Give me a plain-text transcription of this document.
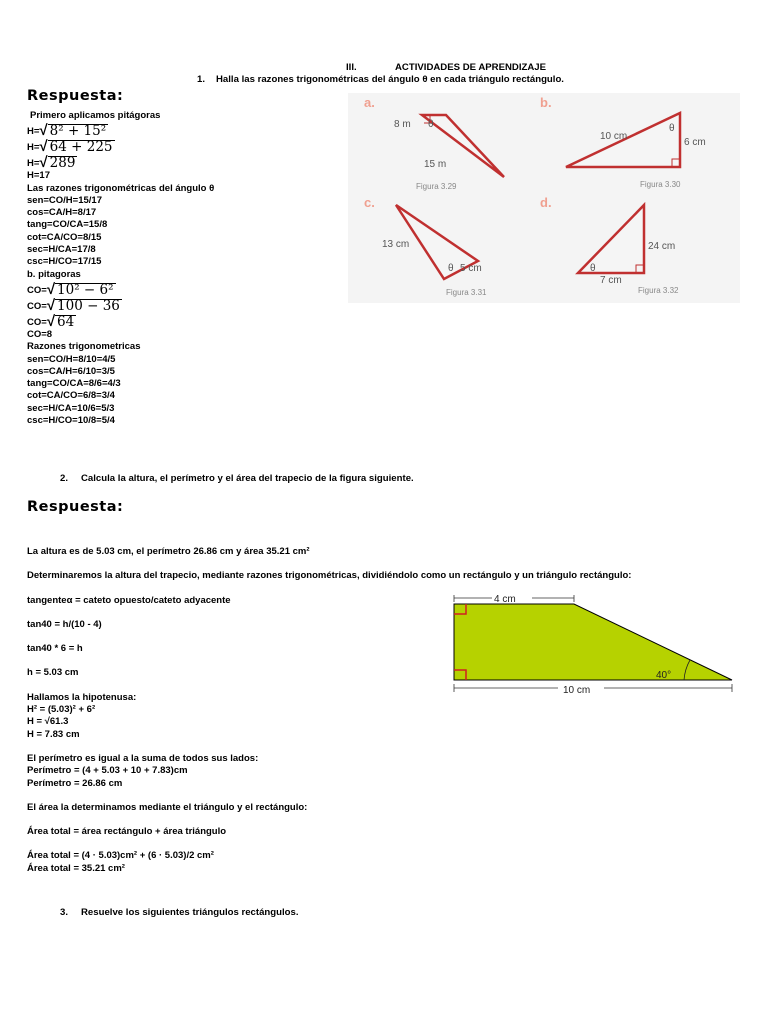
III.	ACTIVIDADES DE APRENDIZAJE
1. Halla las razones trigonométricas del ángulo θ en cada triángulo rectángulo.
Respuesta:
Primero aplicamos pitágoras
H= √ 8² + 15²
H= √ 64 + 225
H= √ 289
H=17
Las razones trigonométricas del ángulo θ
sen=CO/H=15/17
cos=CA/H=8/17
tang=CO/CA=15/8
cot=CA/CO=8/15
sec=H/CA=17/8
csc=H/CO=17/15
b. pitagoras
CO= √ 10² − 6²
CO= √ 100 − 36
CO= √ 64
CO=8
Razones trigonometricas
sen=CO/H=8/10=4/5
cos=CA/H=6/10=3/5
tang=CO/CA=8/6=4/3
cot=CA/CO=6/8=3/4
sec=H/CA=10/6=5/3
csc=H/CO=10/8=5/4
a.
8 m θ
15 m
Figura 3.29
b.
10 cm
6 cm
θ
Figura 3.30
c.
13 cm
5 cm
θ
Figura 3.31
d.
24 cm
7 cm
θ
Figura 3.32
2. Calcula la altura, el perímetro y el área del trapecio de la figura siguiente.
Respuesta:
La altura es de 5.03 cm, el perímetro 26.86 cm y área 35.21 cm²
Determinaremos la altura del trapecio, mediante razones trigonométricas, dividiéndolo como un rectángulo y un triángulo rectángulo:
tangenteα = cateto opuesto/cateto adyacente
tan40 = h/(10 - 4)
tan40 * 6 = h
h = 5.03 cm
Hallamos la hipotenusa:
H² = (5.03)² + 6²
H = √61.3
H = 7.83 cm
El perímetro es igual a la suma de todos sus lados:
Perímetro = (4 + 5.03 + 10 + 7.83)cm
Perímetro = 26.86 cm
El área la determinamos mediante el triángulo y el rectángulo:
Área total = área rectángulo + área triángulo
Área total = (4 · 5.03)cm² + (6 · 5.03)/2 cm²
Área total = 35.21 cm²
4 cm
10 cm
40°
3. Resuelve los siguientes triángulos rectángulos.
